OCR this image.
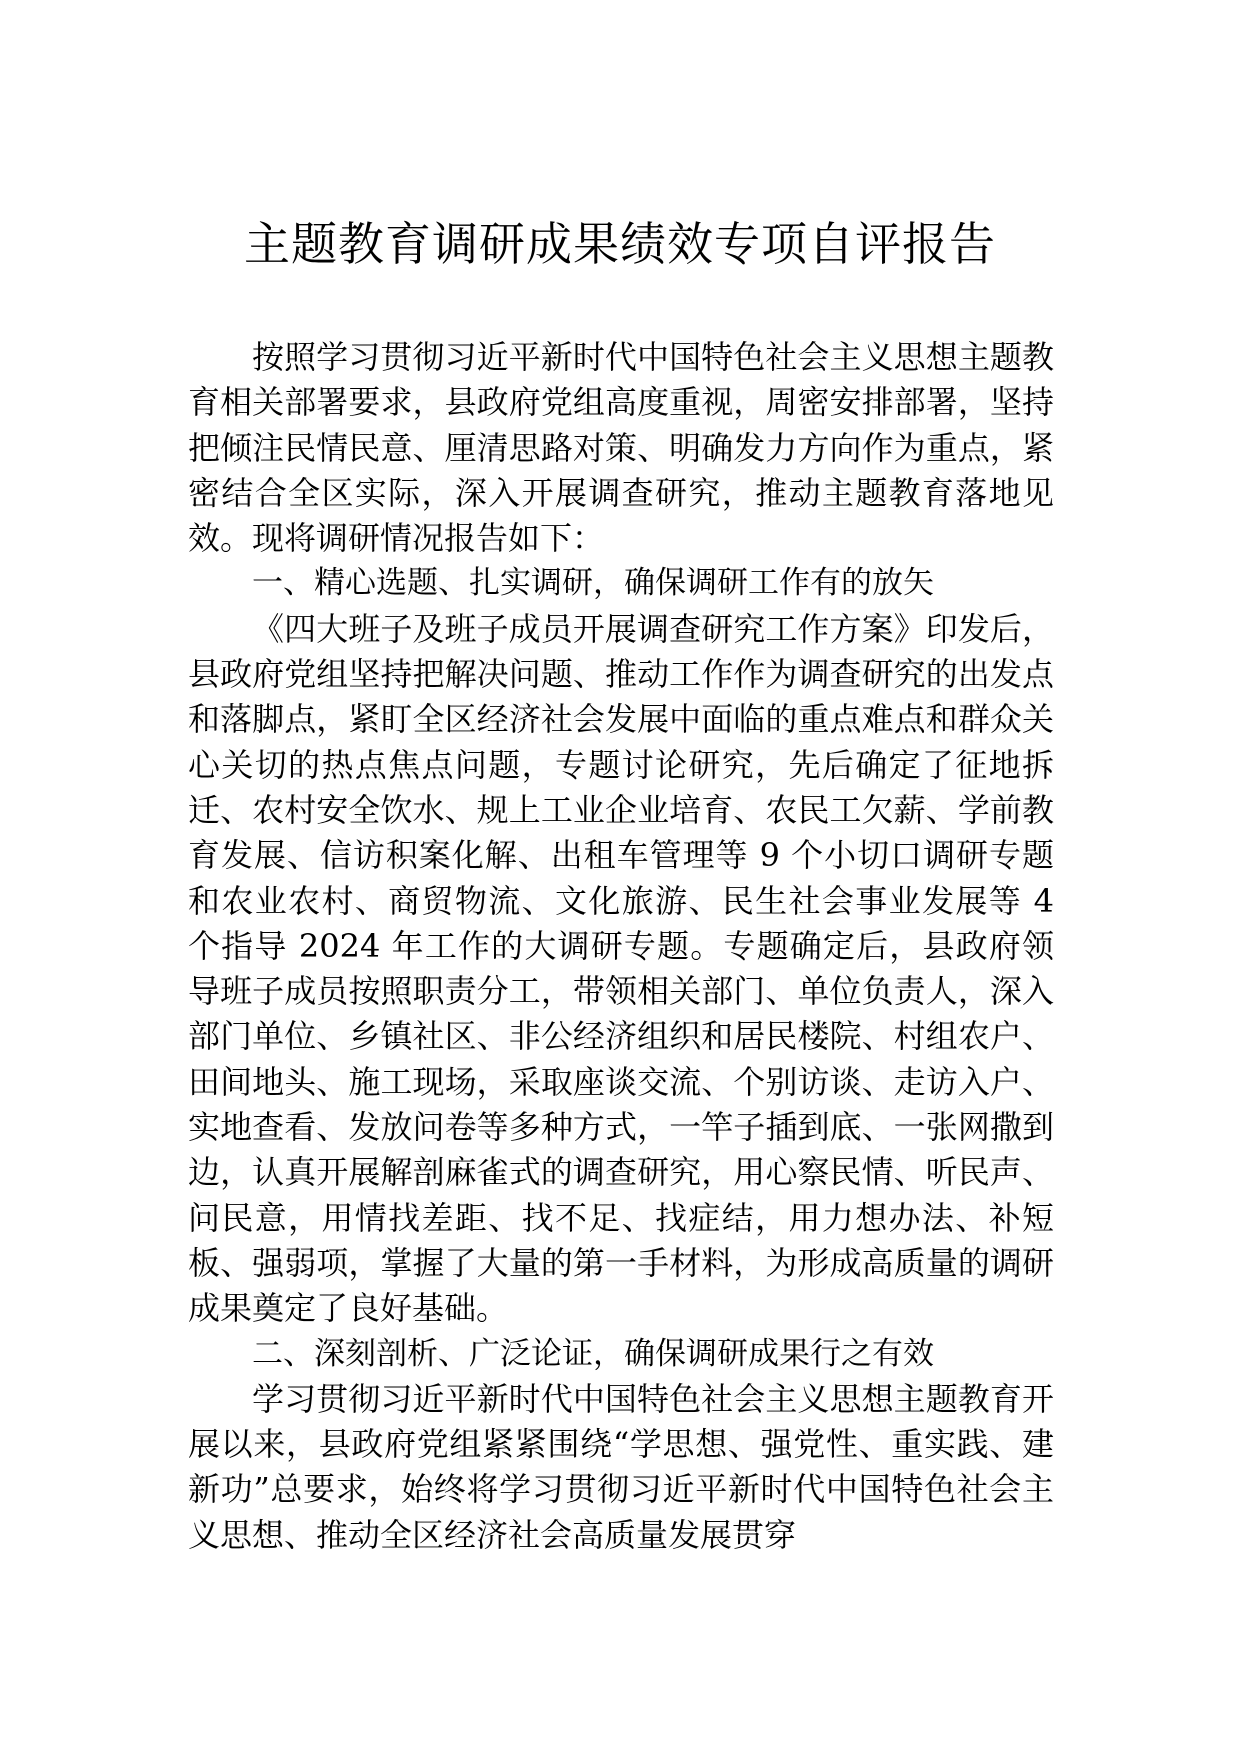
主题教育调研成果绩效专项自评报告

按照学习贯彻习近平新时代中国特色社会主义思想主题教育相关部署要求，县政府党组高度重视，周密安排部署，坚持把倾注民情民意、厘清思路对策、明确发力方向作为重点，紧密结合全区实际，深入开展调查研究，推动主题教育落地见效。现将调研情况报告如下：

一、精心选题、扎实调研，确保调研工作有的放矢

《四大班子及班子成员开展调查研究工作方案》印发后，县政府党组坚持把解决问题、推动工作作为调查研究的出发点和落脚点，紧盯全区经济社会发展中面临的重点难点和群众关心关切的热点焦点问题，专题讨论研究，先后确定了征地拆迁、农村安全饮水、规上工业企业培育、农民工欠薪、学前教育发展、信访积案化解、出租车管理等 9 个小切口调研专题和农业农村、商贸物流、文化旅游、民生社会事业发展等 4 个指导 2024 年工作的大调研专题。专题确定后，县政府领导班子成员按照职责分工，带领相关部门、单位负责人，深入部门单位、乡镇社区、非公经济组织和居民楼院、村组农户、田间地头、施工现场，采取座谈交流、个别访谈、走访入户、实地查看、发放问卷等多种方式，一竿子插到底、一张网撒到边，认真开展解剖麻雀式的调查研究，用心察民情、听民声、问民意，用情找差距、找不足、找症结，用力想办法、补短板、强弱项，掌握了大量的第一手材料，为形成高质量的调研成果奠定了良好基础。

二、深刻剖析、广泛论证，确保调研成果行之有效

学习贯彻习近平新时代中国特色社会主义思想主题教育开展以来，县政府党组紧紧围绕“学思想、强党性、重实践、建新功”总要求，始终将学习贯彻习近平新时代中国特色社会主义思想、推动全区经济社会高质量发展贯穿
